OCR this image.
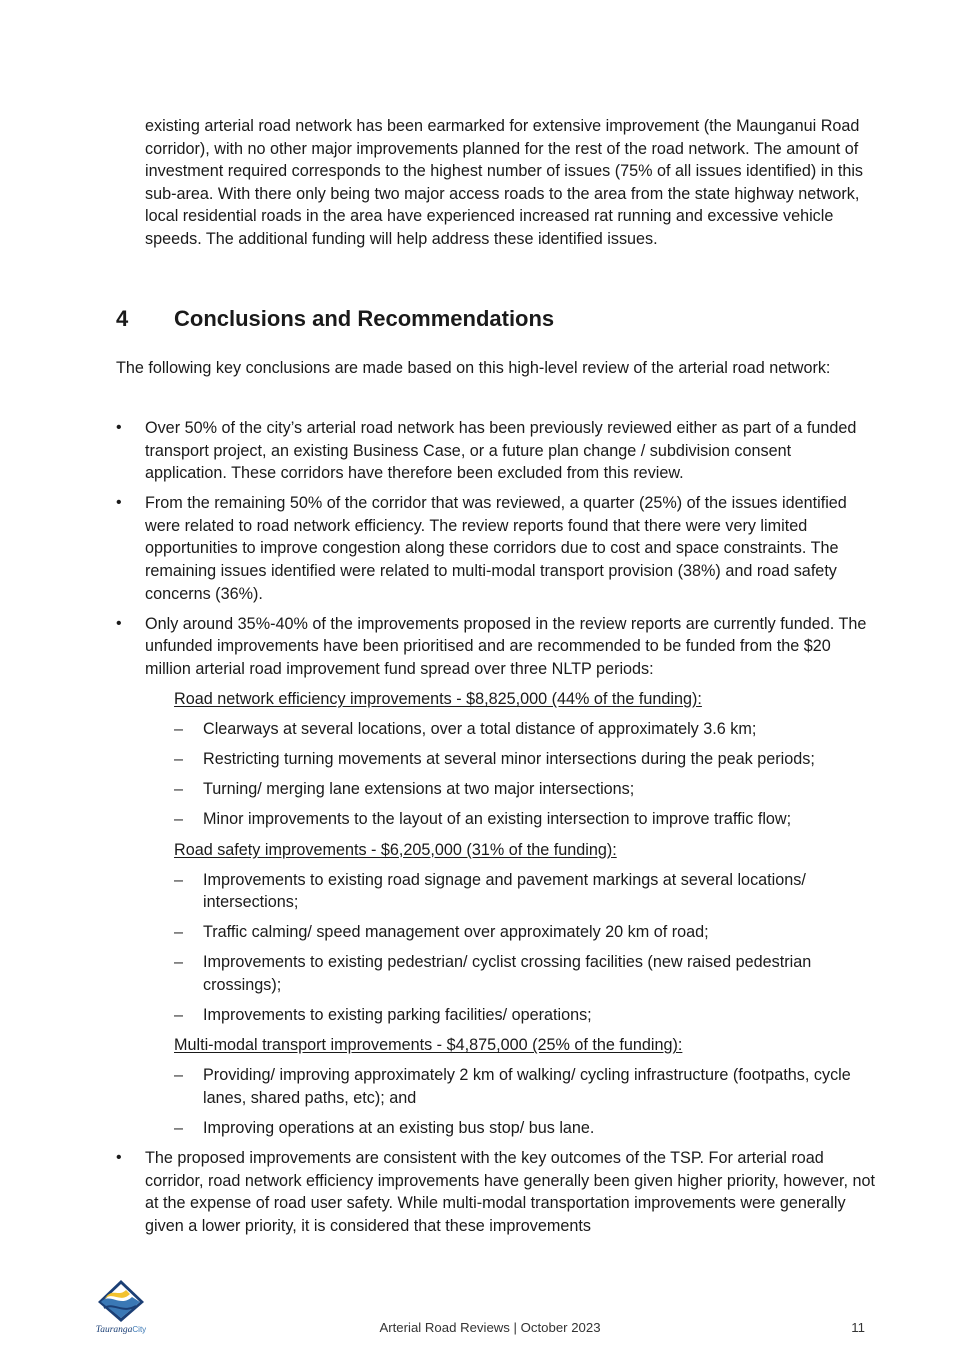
existing arterial road network has been earmarked for extensive improvement (the Maunganui Road corridor), with no other major improvements planned for the rest of the road network. The amount of investment required corresponds to the highest number of issues (75% of all issues identified) in this sub-area. With there only being two major access roads to the area from the state highway network, local residential roads in the area have experienced increased rat running and excessive vehicle speeds. The additional funding will help address these identified issues.

4 Conclusions and Recommendations

The following key conclusions are made based on this high-level review of the arterial road network:

•	Over 50% of the city’s arterial road network has been previously reviewed either as part of a funded transport project, an existing Business Case, or a future plan change / subdivision consent application. These corridors have therefore been excluded from this review.

•	From the remaining 50% of the corridor that was reviewed, a quarter (25%) of the issues identified were related to road network efficiency. The review reports found that there were very limited opportunities to improve congestion along these corridors due to cost and space constraints. The remaining issues identified were related to multi-modal transport provision (38%) and road safety concerns (36%).

•	Only around 35%-40% of the improvements proposed in the review reports are currently funded. The unfunded improvements have been prioritised and are recommended to be funded from the $20 million arterial road improvement fund spread over three NLTP periods:

Road network efficiency improvements - $8,825,000 (44% of the funding):

– Clearways at several locations, over a total distance of approximately 3.6 km;

– Restricting turning movements at several minor intersections during the peak periods;

– Turning/ merging lane extensions at two major intersections;

– Minor improvements to the layout of an existing intersection to improve traffic flow;

Road safety improvements - $6,205,000 (31% of the funding):

– Improvements to existing road signage and pavement markings at several locations/ intersections;

– Traffic calming/ speed management over approximately 20 km of road;

– Improvements to existing pedestrian/ cyclist crossing facilities (new raised pedestrian crossings);

– Improvements to existing parking facilities/ operations;

Multi-modal transport improvements - $4,875,000 (25% of the funding):

– Providing/ improving approximately 2 km of walking/ cycling infrastructure (footpaths, cycle lanes, shared paths, etc); and

– Improving operations at an existing bus stop/ bus lane.

•	The proposed improvements are consistent with the key outcomes of the TSP. For arterial road corridor, road network efficiency improvements have generally been given higher priority, however, not at the expense of road user safety. While multi-modal transportation improvements were generally given a lower priority, it is considered that these improvements

TaurangaCity	Arterial Road Reviews | October 2023	11
